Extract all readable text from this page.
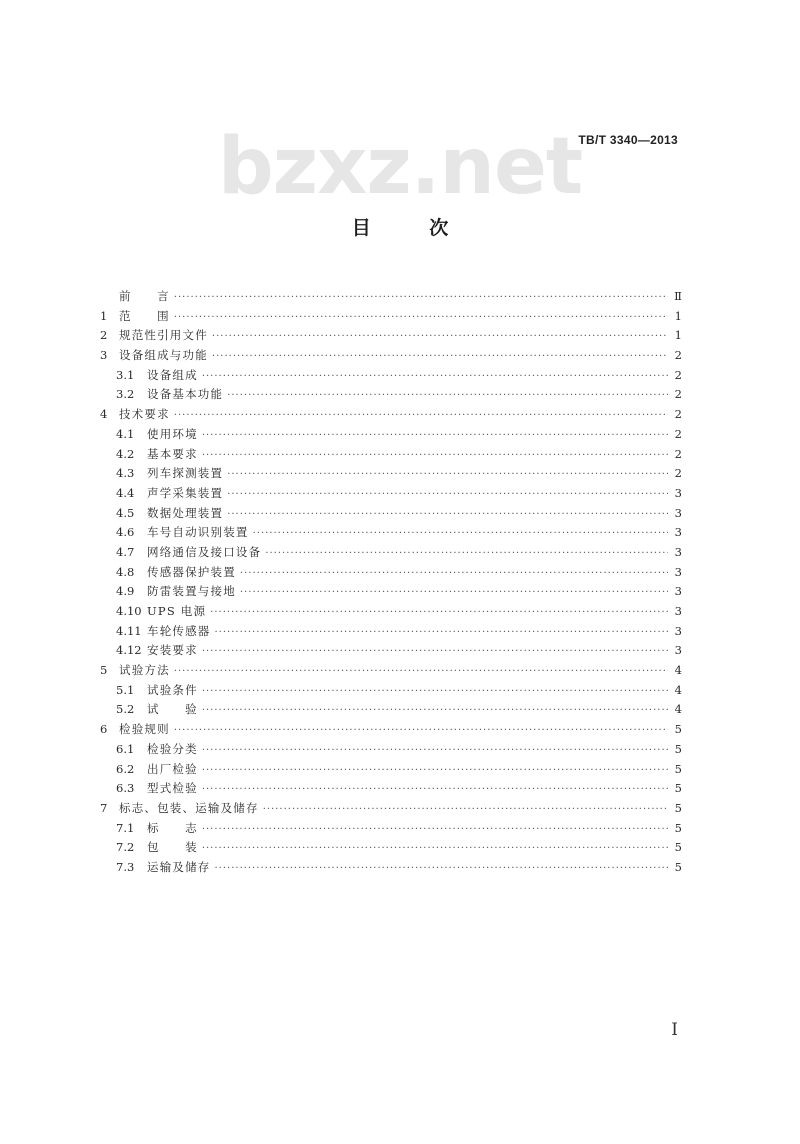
TB/T 3340—2013
bzxz.net
目 次
前　　言 ·····	Ⅱ
1	范　　围 ·····	1
2	规范性引用文件 ·····	1
3	设备组成与功能 ·····	2
3.1	设备组成 ·····	2
3.2	设备基本功能 ·····	2
4	技术要求 ·····	2
4.1	使用环境 ·····	2
4.2	基本要求 ·····	2
4.3	列车探测装置 ·····	2
4.4	声学采集装置 ·····	3
4.5	数据处理装置 ·····	3
4.6	车号自动识别装置 ·····	3
4.7	网络通信及接口设备 ·····	3
4.8	传感器保护装置 ·····	3
4.9	防雷装置与接地 ·····	3
4.10 UPS 电源 ·····	3
4.11 车轮传感器 ·····	3
4.12 安装要求 ·····	3
5	试验方法 ·····	4
5.1	试验条件 ·····	4
5.2	试　　验 ·····	4
6	检验规则 ·····	5
6.1	检验分类 ·····	5
6.2	出厂检验 ·····	5
6.3	型式检验 ·····	5
7	标志、包装、运输及储存 ·····	5
7.1	标　　志 ·····	5
7.2	包　　装 ·····	5
7.3	运输及储存 ·····	5
Ⅰ
